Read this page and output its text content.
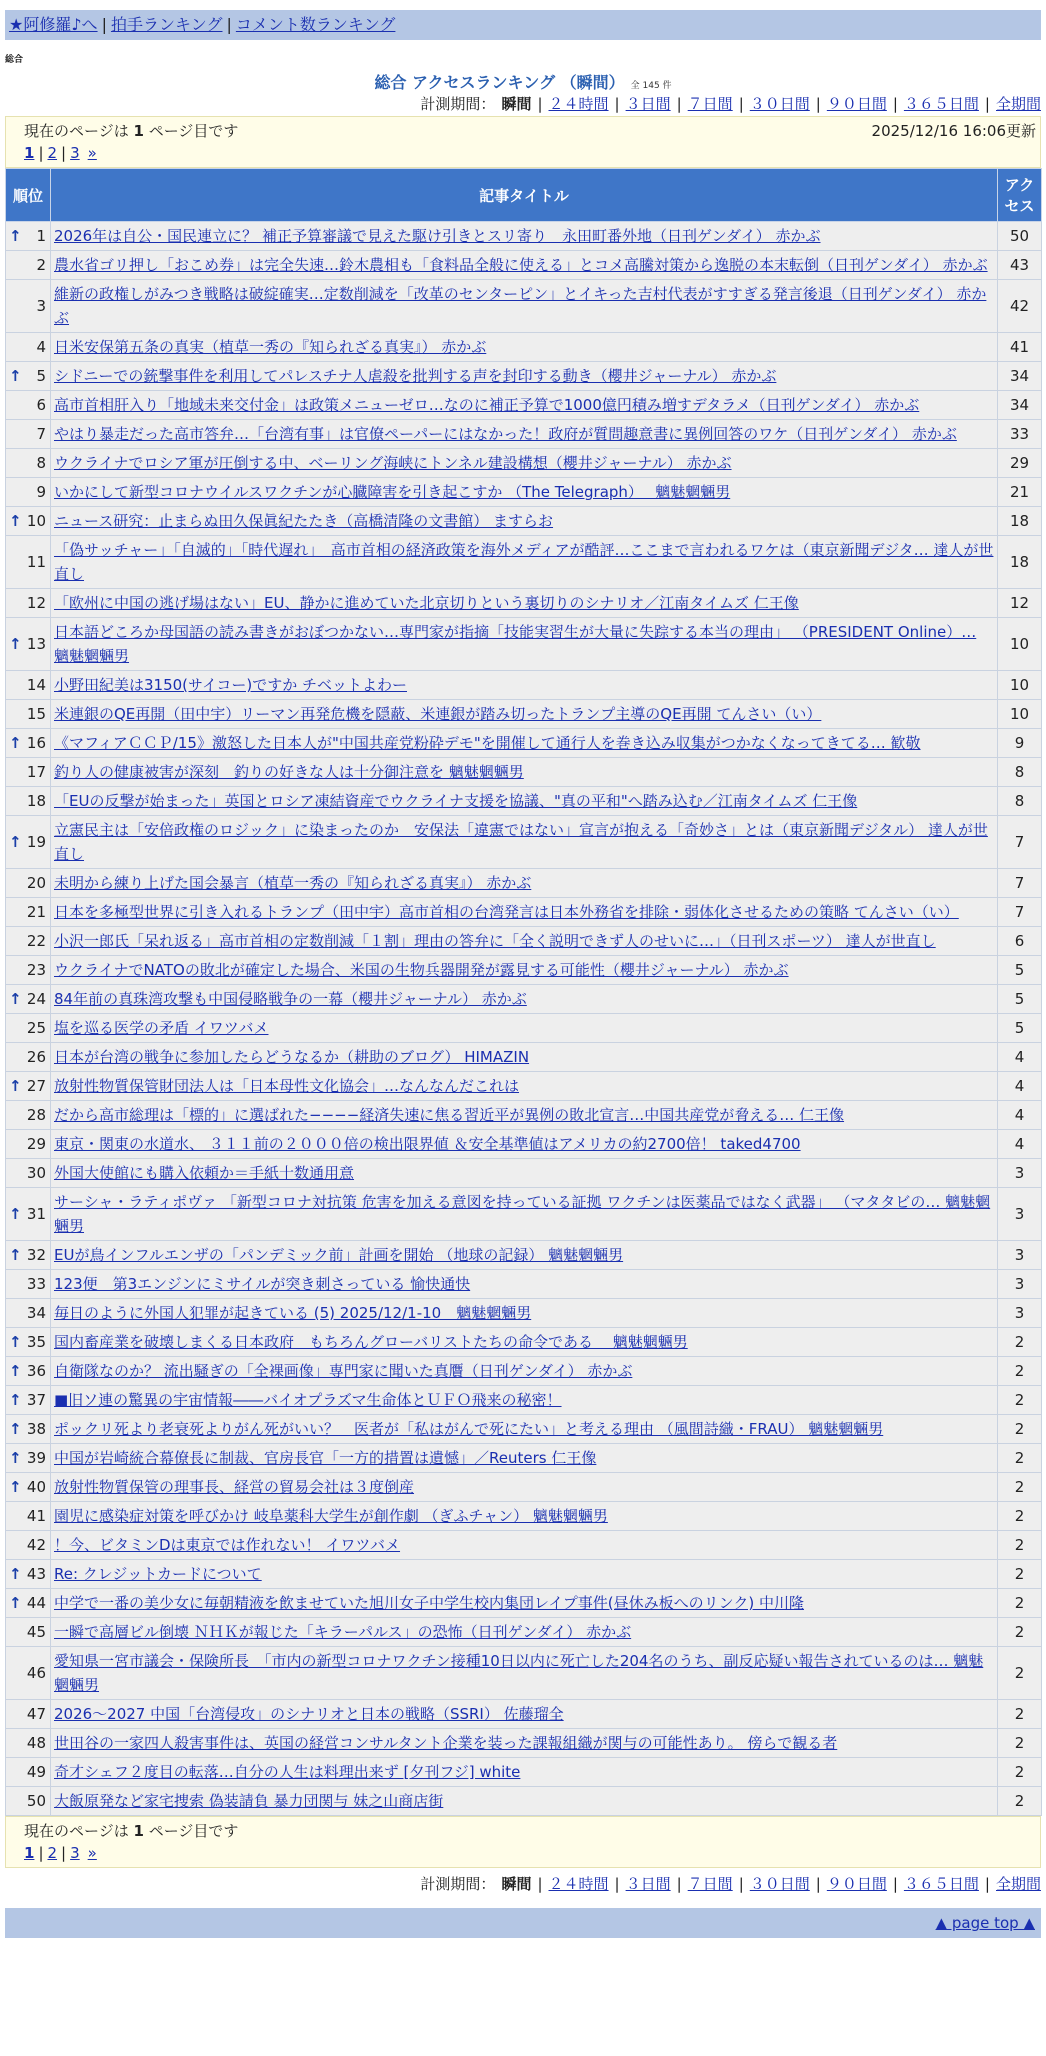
★阿修羅♪へ | 拍手ランキング | コメント数ランキング
総合
総合 アクセスランキング （瞬間） 全 145 件
計測期間： 瞬間 | ２４時間 | ３日間 | ７日間 | ３０日間 | ９０日間 | ３６５日間 | 全期間
現在のページは 1 ページ目です	2025/12/16 16:06更新
1 | 2 | 3 »
順位	記事タイトル	アクセス

↑ 1	2026年は自公・国民連立に？ 補正予算審議で見えた駆け引きとスリ寄り　永田町番外地（日刊ゲンダイ） 赤かぶ	50
2	農水省ゴリ押し「おこめ券」は完全失速…鈴木農相も「食料品全般に使える」とコメ高騰対策から逸脱の本末転倒（日刊ゲンダイ） 赤かぶ	43
3	維新の政権しがみつき戦略は破綻確実…定数削減を「改革のセンターピン」とイキった吉村代表がすすぎる発言後退（日刊ゲンダイ） 赤かぶ	42
4	日米安保第五条の真実（植草一秀の『知られざる真実』） 赤かぶ	41

↑ 5	シドニーでの銃撃事件を利用してパレスチナ人虐殺を批判する声を封印する動き（櫻井ジャーナル） 赤かぶ	34
6	高市首相肝入り「地域未来交付金」は政策メニューゼロ…なのに補正予算で1000億円積み増すデタラメ（日刊ゲンダイ） 赤かぶ	34
7	やはり暴走だった高市答弁…「台湾有事」は官僚ペーパーにはなかった！政府が質問趣意書に異例回答のワケ（日刊ゲンダイ） 赤かぶ	33
8	ウクライナでロシア軍が圧倒する中、ベーリング海峡にトンネル建設構想（櫻井ジャーナル） 赤かぶ	29
9	いかにして新型コロナウイルスワクチンが心臓障害を引き起こすか （The Telegraph）　 魑魅魍魎男	21

↑ 10	ニュース研究：止まらぬ田久保眞紀たたき（高橋清隆の文書館） ますらお	18
11	「偽サッチャー」「自滅的」「時代遅れ」　高市首相の経済政策を海外メディアが酷評…ここまで言われるワケは（東京新聞デジタ… 達人が世直し	18
12	「欧州に中国の逃げ場はない」EU、静かに進めていた北京切りという裏切りのシナリオ／江南タイムズ 仁王像	12

↑ 13	日本語どころか母国語の読み書きがおぼつかない…専門家が指摘「技能実習生が大量に失踪する本当の理由」 （PRESIDENT Online）… 魑魅魍魎男	10
14	小野田紀美は3150(サイコー)ですか チベットよわー	10
15	米連銀のQE再開（田中宇）リーマン再発危機を隠蔽、米連銀が踏み切ったトランプ主導のQE再開 てんさい（い）	10

↑ 16	《マフィアＣＣＰ/15》激怒した日本人が"中国共産党粉砕デモ"を開催して通行人を巻き込み収集がつかなくなってきてる… 歓敬	9
17	釣り人の健康被害が深刻　釣りの好きな人は十分御注意を 魑魅魍魎男	8
18	「EUの反撃が始まった」英国とロシア凍結資産でウクライナ支援を協議、"真の平和"へ踏み込む／江南タイムズ 仁王像	8

↑ 19	立憲民主は「安倍政権のロジック」に染まったのか　安保法「違憲ではない」宣言が抱える「奇妙さ」とは（東京新聞デジタル） 達人が世直し	7
20	未明から練り上げた国会暴言（植草一秀の『知られざる真実』） 赤かぶ	7
21	日本を多極型世界に引き入れるトランプ（田中宇）高市首相の台湾発言は日本外務省を排除・弱体化させるための策略 てんさい（い）	7
22	小沢一郎氏「呆れ返る」高市首相の定数削減「１割」理由の答弁に「全く説明できず人のせいに…」（日刊スポーツ） 達人が世直し	6
23	ウクライナでNATOの敗北が確定した場合、米国の生物兵器開発が露見する可能性（櫻井ジャーナル） 赤かぶ	5

↑ 24	84年前の真珠湾攻撃も中国侵略戦争の一幕（櫻井ジャーナル） 赤かぶ	5
25	塩を巡る医学の矛盾 イワツバメ	5
26	日本が台湾の戦争に参加したらどうなるか（耕助のブログ） HIMAZIN	4

↑ 27	放射性物質保管財団法人は「日本母性文化協会」…なんなんだこれは	4
28	だから高市総理は「標的」に選ばれた−−−−経済失速に焦る習近平が異例の敗北宣言…中国共産党が脅える… 仁王像	4
29	東京・関東の水道水、 ３１１前の２０００倍の検出限界値 ＆安全基準値はアメリカの約2700倍！ taked4700	4
30	外国大使館にも購入依頼か＝手紙十数通用意	3

↑ 31	サーシャ・ラティポヴァ 「新型コロナ対抗策 危害を加える意図を持っている証拠 ワクチンは医薬品ではなく武器」 （マタタビの… 魑魅魍魎男	3

↑ 32	EUが鳥インフルエンザの「パンデミック前」計画を開始 （地球の記録） 魑魅魍魎男	3
33	123便　第3エンジンにミサイルが突き刺さっている 愉快通快	3
34	毎日のように外国人犯罪が起きている (5) 2025/12/1-10　魑魅魍魎男	3

↑ 35	国内畜産業を破壊しまくる日本政府　もちろんグローバリストたちの命令である　 魑魅魍魎男	2

↑ 36	自衛隊なのか？ 流出騒ぎの「全裸画像」専門家に聞いた真贋（日刊ゲンダイ） 赤かぶ	2

↑ 37	■旧ソ連の驚異の宇宙情報――バイオプラズマ生命体とＵＦＯ飛来の秘密！	2

↑ 38	ポックリ死より老衰死よりがん死がいい？　医者が「私はがんで死にたい」と考える理由 （風間詩織・FRAU） 魑魅魍魎男	2

↑ 39	中国が岩崎統合幕僚長に制裁、官房長官「一方的措置は遺憾」／Reuters 仁王像	2

↑ 40	放射性物質保管の理事長、経営の貿易会社は３度倒産	2
41	園児に感染症対策を呼びかけ 岐阜薬科大学生が創作劇 （ぎふチャン） 魑魅魍魎男	2
42	！今、ビタミンDは東京では作れない！ イワツバメ	2

↑ 43	Re: クレジットカードについて	2

↑ 44	中学で一番の美少女に毎朝精液を飲ませていた旭川女子中学生校内集団レイプ事件(昼休み板へのリンク) 中川隆	2
45	一瞬で高層ビル倒壊 ＮＨＫが報じた「キラーパルス」の恐怖（日刊ゲンダイ） 赤かぶ	2
46	愛知県一宮市議会・保険所長　「市内の新型コロナワクチン接種10日以内に死亡した204名のうち、副反応疑い報告されているのは… 魑魅魍魎男	2
47	2026～2027 中国「台湾侵攻」のシナリオと日本の戦略（SSRI） 佐藤瑠全	2
48	世田谷の一家四人殺害事件は、英国の経営コンサルタント企業を装った課報組織が関与の可能性あり。 傍らで観る者	2
49	奇才シェフ２度目の転落…自分の人生は料理出来ず [夕刊フジ] white	2
50	大飯原発など家宅捜索 偽装請負 暴力団関与 妹之山商店街	2
現在のページは 1 ページ目です
1 | 2 | 3 »
計測期間： 瞬間 | ２４時間 | ３日間 | ７日間 | ３０日間 | ９０日間 | ３６５日間 | 全期間
▲ page top ▲
